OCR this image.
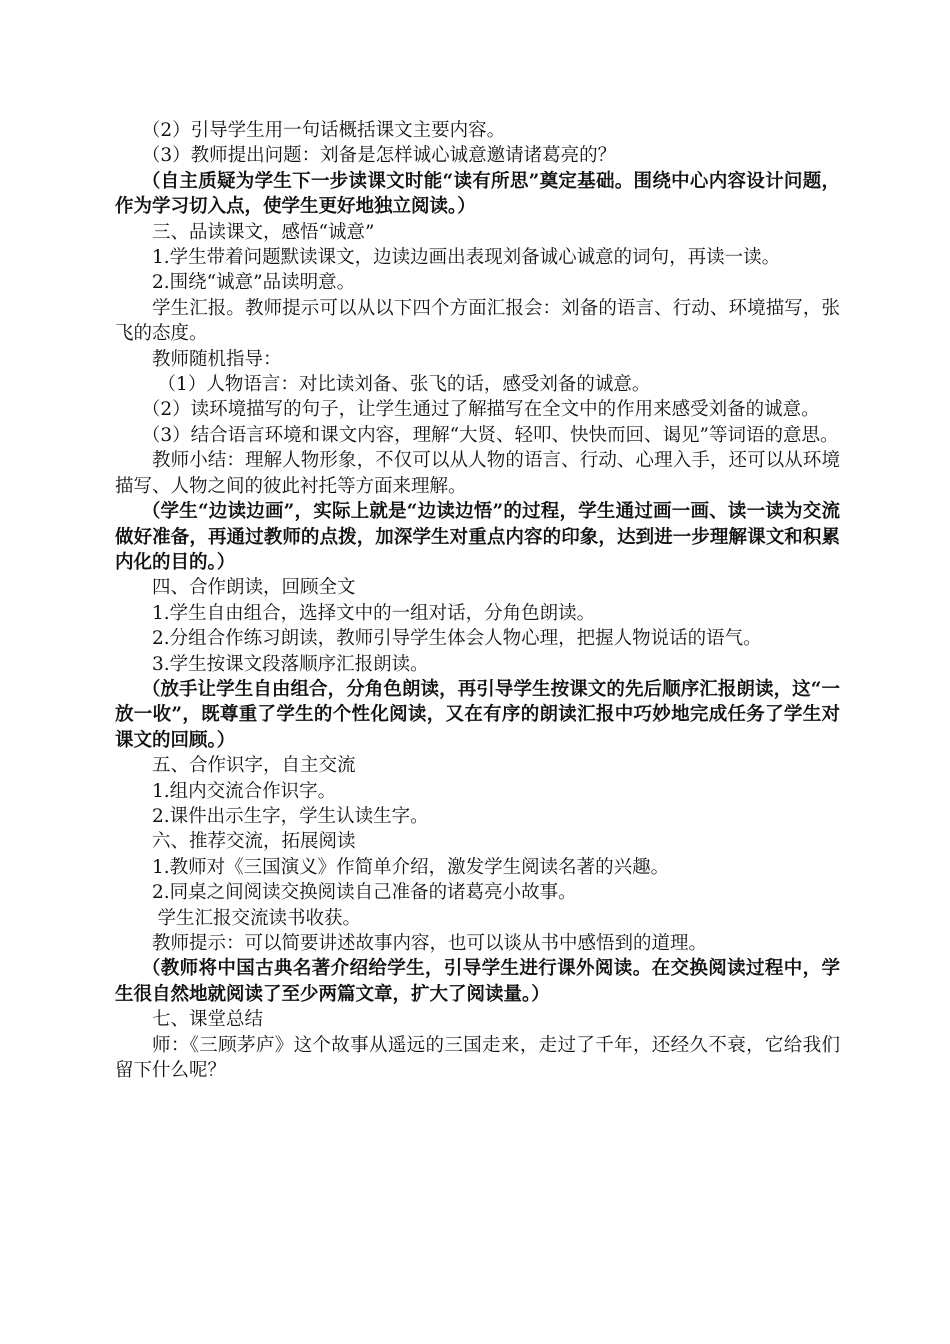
（2）引导学生用一句话概括课文主要内容。

（3）教师提出问题：刘备是怎样诚心诚意邀请诸葛亮的？

（自主质疑为学生下一步读课文时能“读有所思”奠定基础。围绕中心内容设计问题，作为学习切入点，使学生更好地独立阅读。）

三、品读课文，感悟“诚意”

1.学生带着问题默读课文，边读边画出表现刘备诚心诚意的词句，再读一读。

2.围绕“诚意”品读明意。

学生汇报。教师提示可以从以下四个方面汇报会：刘备的语言、行动、环境描写，张飞的态度。

教师随机指导：

（1）人物语言：对比读刘备、张飞的话，感受刘备的诚意。

（2）读环境描写的句子，让学生通过了解描写在全文中的作用来感受刘备的诚意。

（3）结合语言环境和课文内容，理解“大贤、轻叩、快快而回、谒见”等词语的意思。

教师小结：理解人物形象，不仅可以从人物的语言、行动、心理入手，还可以从环境描写、人物之间的彼此衬托等方面来理解。

（学生“边读边画”，实际上就是“边读边悟”的过程，学生通过画一画、读一读为交流做好准备，再通过教师的点拨，加深学生对重点内容的印象，达到进一步理解课文和积累内化的目的。）

四、合作朗读，回顾全文

1.学生自由组合，选择文中的一组对话，分角色朗读。

2.分组合作练习朗读，教师引导学生体会人物心理，把握人物说话的语气。

3.学生按课文段落顺序汇报朗读。

（放手让学生自由组合，分角色朗读，再引导学生按课文的先后顺序汇报朗读，这“一放一收”，既尊重了学生的个性化阅读，又在有序的朗读汇报中巧妙地完成任务了学生对课文的回顾。）

五、合作识字，自主交流

1.组内交流合作识字。

2.课件出示生字，学生认读生字。

六、推荐交流，拓展阅读

1.教师对《三国演义》作简单介绍，激发学生阅读名著的兴趣。

2.同桌之间阅读交换阅读自己准备的诸葛亮小故事。

学生汇报交流读书收获。

教师提示：可以简要讲述故事内容，也可以谈从书中感悟到的道理。

（教师将中国古典名著介绍给学生，引导学生进行课外阅读。在交换阅读过程中，学生很自然地就阅读了至少两篇文章，扩大了阅读量。）

七、课堂总结

师：《三顾茅庐》这个故事从遥远的三国走来，走过了千年，还经久不衰，它给我们留下什么呢？
